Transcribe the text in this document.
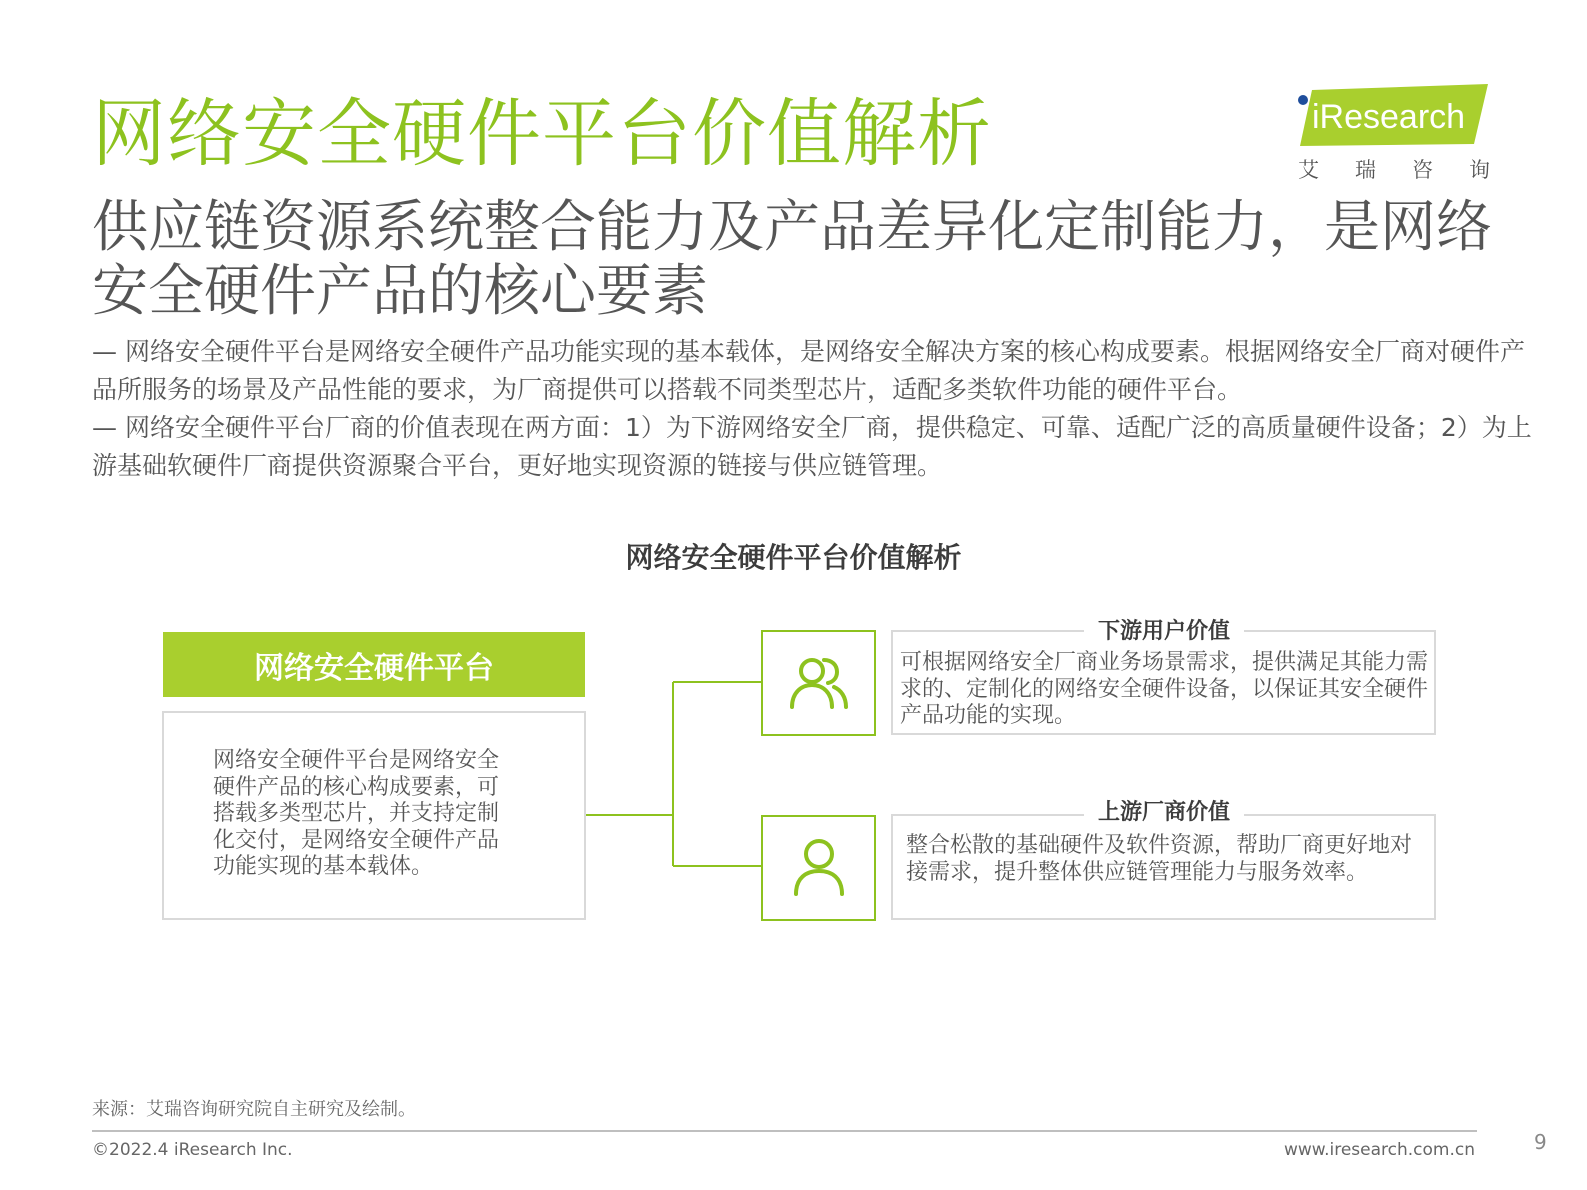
网络安全硬件平台价值解析	iResearch
艾 瑞 咨 询
供应链资源系统整合能力及产品差异化定制能力，是网络安全硬件产品的核心要素
— 网络安全硬件平台是网络安全硬件产品功能实现的基本载体，是网络安全解决方案的核心构成要素。根据网络安全厂商对硬件产品所服务的场景及产品性能的要求，为厂商提供可以搭载不同类型芯片，适配多类软件功能的硬件平台。
— 网络安全硬件平台厂商的价值表现在两方面：1）为下游网络安全厂商，提供稳定、可靠、适配广泛的高质量硬件设备；2）为上游基础软硬件厂商提供资源聚合平台，更好地实现资源的链接与供应链管理。
网络安全硬件平台价值解析
网络安全硬件平台
网络安全硬件平台是网络安全硬件产品的核心构成要素，可搭载多类型芯片，并支持定制化交付，是网络安全硬件产品功能实现的基本载体。
下游用户价值
可根据网络安全厂商业务场景需求，提供满足其能力需求的、定制化的网络安全硬件设备，以保证其安全硬件产品功能的实现。
上游厂商价值
整合松散的基础硬件及软件资源，帮助厂商更好地对接需求，提升整体供应链管理能力与服务效率。
来源：艾瑞咨询研究院自主研究及绘制。
©2022.4 iResearch Inc.	www.iresearch.com.cn	9
